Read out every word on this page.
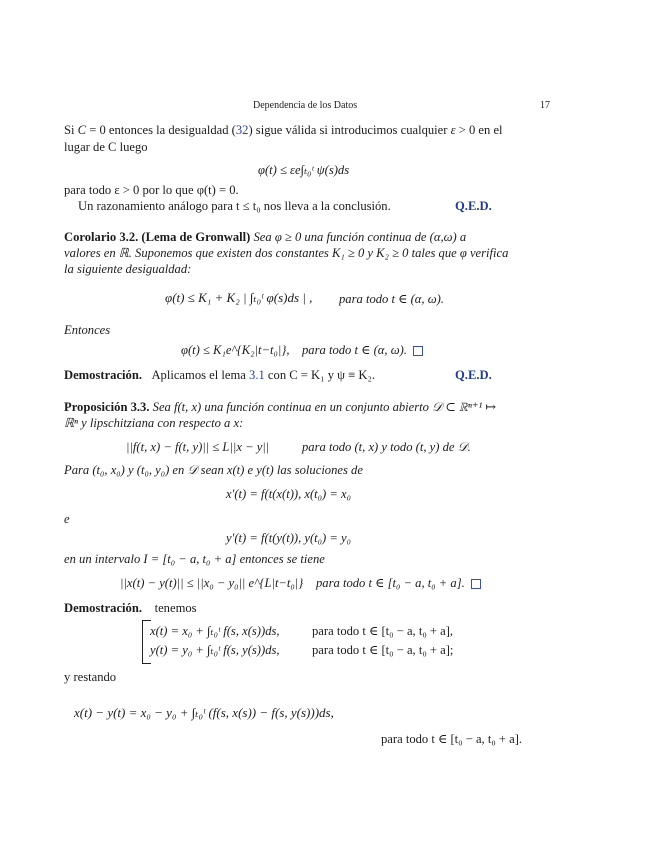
Dependencia de los Datos	17
Si C = 0 entonces la desigualdad (32) sigue válida si introducimos cualquier ε > 0 en el
lugar de C luego
φ(t) ≤ εe∫ₜ₀ᵗ ψ(s)ds
para todo ε > 0 por lo que φ(t) = 0.
Un razonamiento análogo para t ≤ t₀ nos lleva a la conclusión.	Q.E.D.
Corolario 3.2. (Lema de Gronwall) Sea φ ≥ 0 una función continua de (α,ω) a
valores en ℝ. Suponemos que existen dos constantes K₁ ≥ 0 y K₂ ≥ 0 tales que φ verifica
la siguiente desigualdad:
φ(t) ≤ K₁ + K₂ | ∫ₜ₀ᵗ φ(s)ds | , para todo t ∈ (α, ω).
Entonces
φ(t) ≤ K₁e^{K₂|t−t₀|}, para todo t ∈ (α, ω).
Demostración. Aplicamos el lema 3.1 con C = K₁ y ψ ≡ K₂.	Q.E.D.
Proposición 3.3. Sea f(t, x) una función continua en un conjunto abierto 𝒟 ⊂ ℝⁿ⁺¹ ↦
ℝⁿ y lipschitziana con respecto a x:
||f(t, x) − f(t, y)|| ≤ L||x − y||	para todo (t, x) y todo (t, y) de 𝒟.
Para (t₀, x₀) y (t₀, y₀) en 𝒟 sean x(t) e y(t) las soluciones de
x′(t) = f(t(x(t)), x(t₀) = x₀
e
y′(t) = f(t(y(t)), y(t₀) = y₀
en un intervalo I = [t₀ − a, t₀ + a] entonces se tiene
||x(t) − y(t)|| ≤ ||x₀ − y₀|| e^{L|t−t₀|} para todo t ∈ [t₀ − a, t₀ + a].
Demostración. tenemos
x(t) = x₀ + ∫ₜ₀ᵗ f(s, x(s))ds,	para todo t ∈ [t₀ − a, t₀ + a],
y(t) = y₀ + ∫ₜ₀ᵗ f(s, y(s))ds,	para todo t ∈ [t₀ − a, t₀ + a];
y restando
x(t) − y(t) = x₀ − y₀ + ∫ₜ₀ᵗ (f(s, x(s)) − f(s, y(s)))ds,
para todo t ∈ [t₀ − a, t₀ + a].
